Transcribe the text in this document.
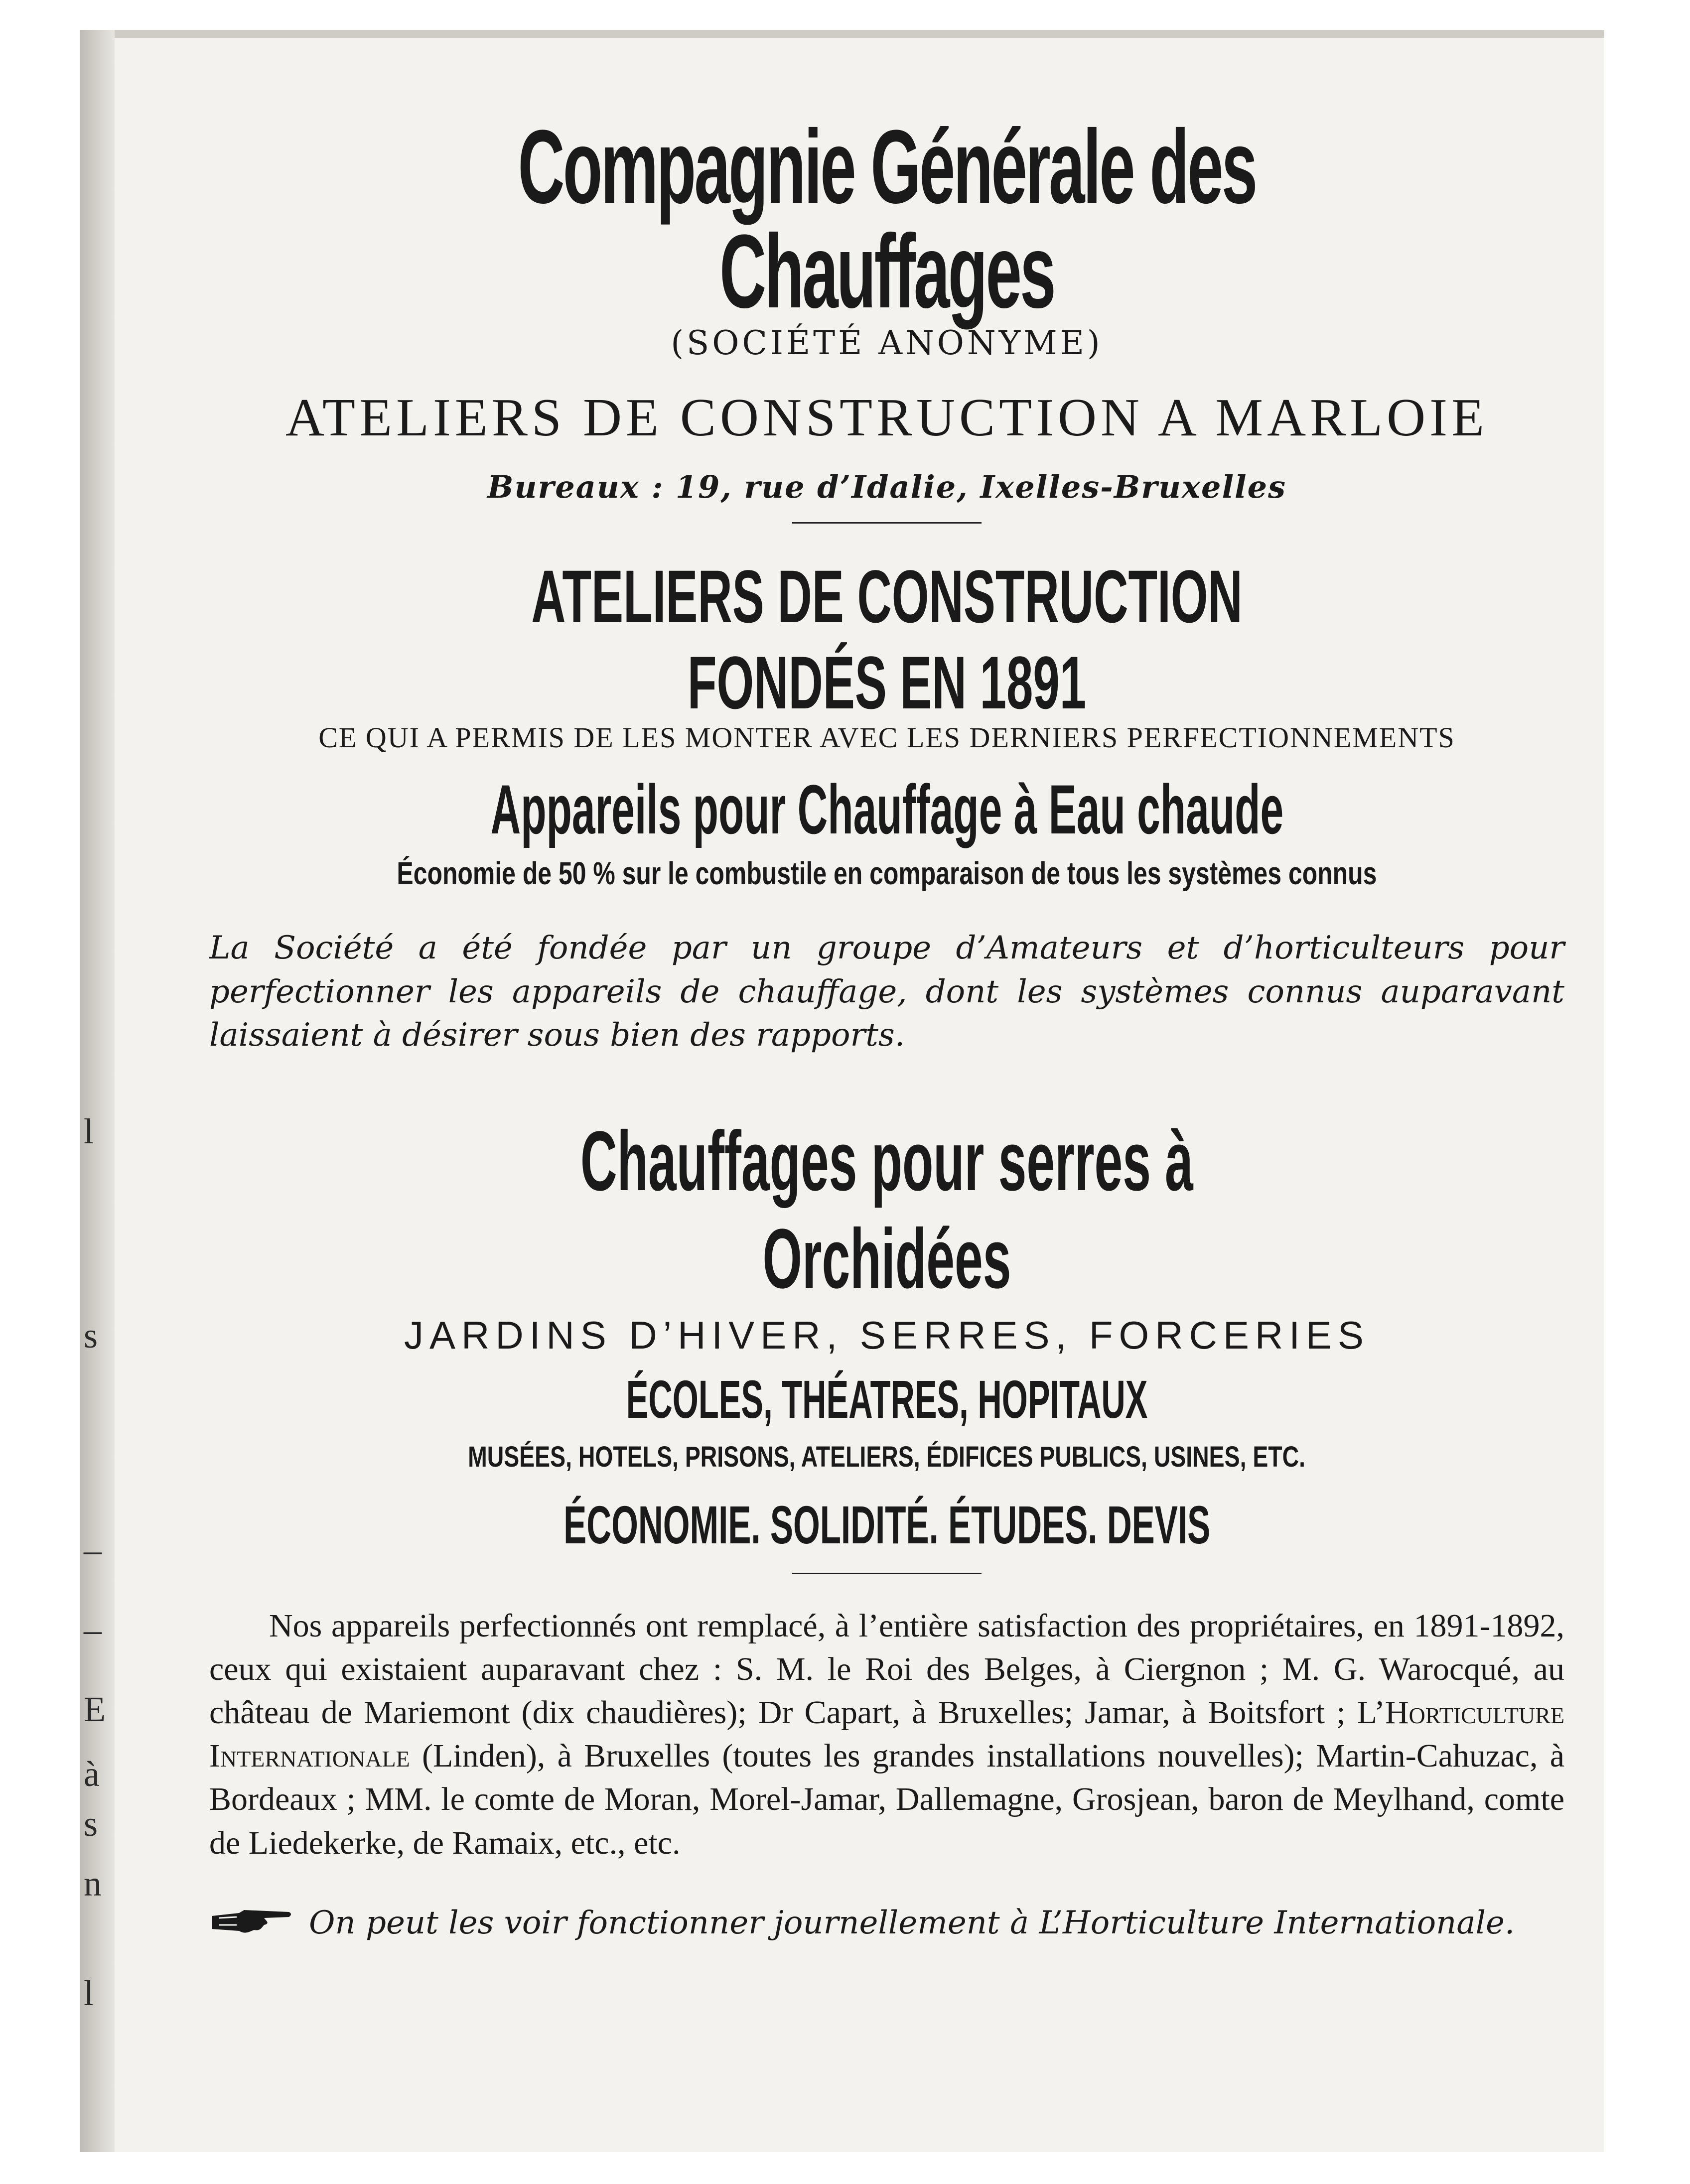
l
s
–
–
E
à
s
n
l
Compagnie Générale des Chauffages
(SOCIÉTÉ ANONYME)
ATELIERS DE CONSTRUCTION A MARLOIE
Bureaux : 19, rue d’Idalie, Ixelles-Bruxelles
ATELIERS DE CONSTRUCTION FONDÉS EN 1891
CE QUI A PERMIS DE LES MONTER AVEC LES DERNIERS PERFECTIONNEMENTS
Appareils pour Chauffage à Eau chaude
Économie de 50 % sur le combustile en comparaison de tous les systèmes connus

La Société a été fondée par un groupe d’Amateurs et d’horticulteurs pour perfectionner les appareils de chauffage, dont les systèmes connus auparavant laissaient à désirer sous bien des rapports.

Chauffages pour serres à Orchidées
JARDINS D’HIVER, SERRES, FORCERIES
ÉCOLES, THÉATRES, HOPITAUX
MUSÉES, HOTELS, PRISONS, ATELIERS, ÉDIFICES PUBLICS, USINES, ETC.
ÉCONOMIE. SOLIDITÉ. ÉTUDES. DEVIS

Nos appareils perfectionnés ont remplacé, à l’entière satisfaction des propriétaires, en 1891-1892, ceux qui existaient auparavant chez : S. M. le Roi des Belges, à Ciergnon ; M. G. Warocqué, au château de Mariemont (dix chaudières); Dr Capart, à Bruxelles; Jamar, à Boitsfort ; L’Horticulture Internationale (Linden), à Bruxelles (toutes les grandes installations nouvelles); Martin-Cahuzac, à Bordeaux ; MM. le comte de Moran, Morel-Jamar, Dallemagne, Grosjean, baron de Meylhand, comte de Liedekerke, de Ramaix, etc., etc.

On peut les voir fonctionner journellement à L’Horticulture Internationale.
